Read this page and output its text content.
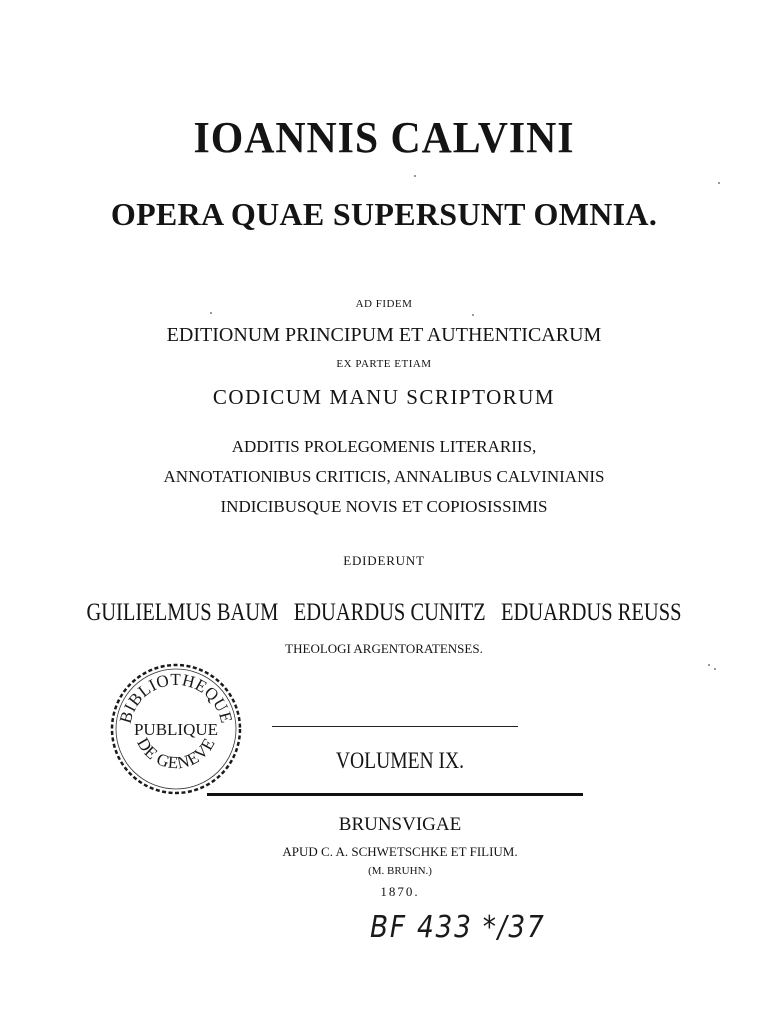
IOANNIS CALVINI
OPERA QUAE SUPERSUNT OMNIA.

AD FIDEM

EDITIONUM PRINCIPUM ET AUTHENTICARUM

EX PARTE ETIAM

CODICUM MANU SCRIPTORUM

ADDITIS PROLEGOMENIS LITERARIIS,

ANNOTATIONIBUS CRITICIS, ANNALIBUS CALVINIANIS

INDICIBUSQUE NOVIS ET COPIOSISSIMIS

EDIDERUNT

GUILIELMUS BAUM   EDUARDUS CUNITZ   EDUARDUS REUSS

THEOLOGI ARGENTORATENSES.

VOLUMEN IX.

BRUNSVIGAE

APUD C. A. SCHWETSCHKE ET FILIUM.

(M. BRUHN.)

1870.

BIBLIOTHEQUE
PUBLIQUE
DE GENEVE
BF 433 */37
